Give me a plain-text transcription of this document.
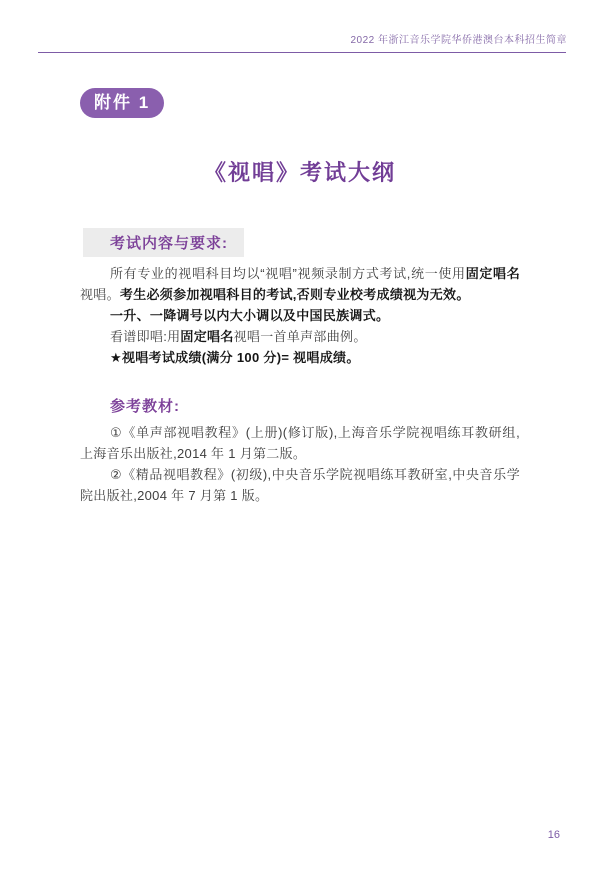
2022 年浙江音乐学院华侨港澳台本科招生简章
附件 1
《视唱》考试大纲
考试内容与要求:

所有专业的视唱科目均以“视唱”视频录制方式考试,统一使用固定唱名视唱。考生必须参加视唱科目的考试,否则专业校考成绩视为无效。

一升、一降调号以内大小调以及中国民族调式。

看谱即唱:用固定唱名视唱一首单声部曲例。

★视唱考试成绩(满分 100 分)= 视唱成绩。

参考教材:

①《单声部视唱教程》(上册)(修订版),上海音乐学院视唱练耳教研组,上海音乐出版社,2014 年 1 月第二版。

②《精品视唱教程》(初级),中央音乐学院视唱练耳教研室,中央音乐学院出版社,2004 年 7 月第 1 版。

16
